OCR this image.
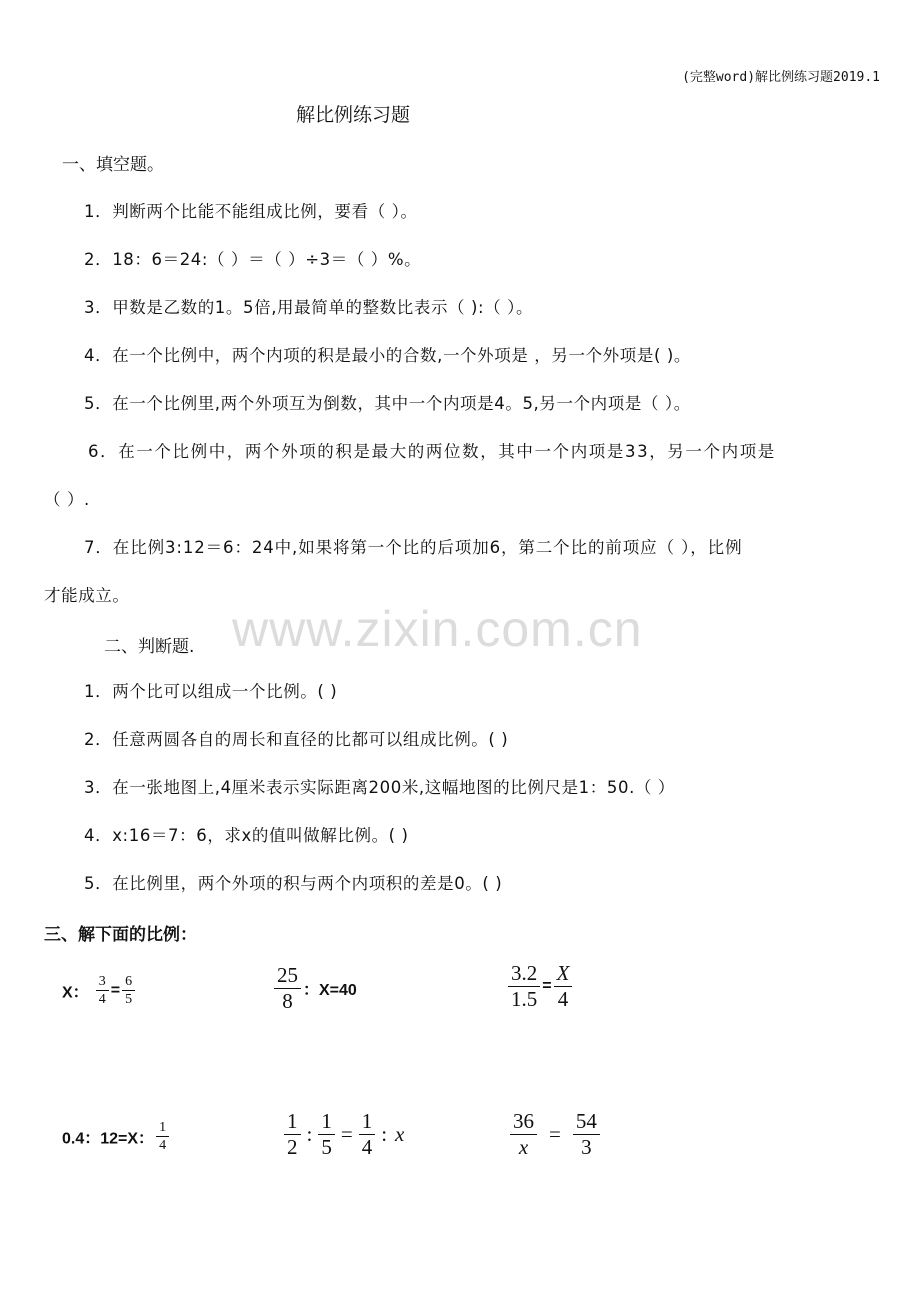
(完整word)解比例练习题2019.1
解比例练习题
www.zixin.com.cn
一、填空题。
1．判断两个比能不能组成比例，要看（ ）。
2．18：6＝24:（ ）＝（ ）÷3＝（ ）%。
3．甲数是乙数的1。5倍,用最简单的整数比表示（ ):（ ）。
4．在一个比例中，两个内项的积是最小的合数,一个外项是 ，另一个外项是( )。
5．在一个比例里,两个外项互为倒数，其中一个内项是4。5,另一个内项是（ ）。
6．在一个比例中，两个外项的积是最大的两位数，其中一个内项是33，另一个内项是
（ ）.
7．在比例3:12＝6：24中,如果将第一个比的后项加6，第二个比的前项应（ ），比例
才能成立。
二、判断题.
1．两个比可以组成一个比例。( )
2．任意两圆各自的周长和直径的比都可以组成比例。( )
3．在一张地图上,4厘米表示实际距离200米,这幅地图的比例尺是1：50.（ ）
4．x:16＝7：6，求x的值叫做解比例。( )
5．在比例里，两个外项的积与两个内项积的差是0。( )
三、解下面的比例：
X： $\frac{3}{4} = \frac{6}{5}$	$\frac{25}{8}$ ：X=40	$\frac{3.2}{1.5} = \frac{X}{4}$
0.4：12=X： $\frac{1}{4}$	$\frac{1}{2}$ : $\frac{1}{5} = \frac{1}{4}$ : x	$\frac{36}{x} = \frac{54}{3}$
